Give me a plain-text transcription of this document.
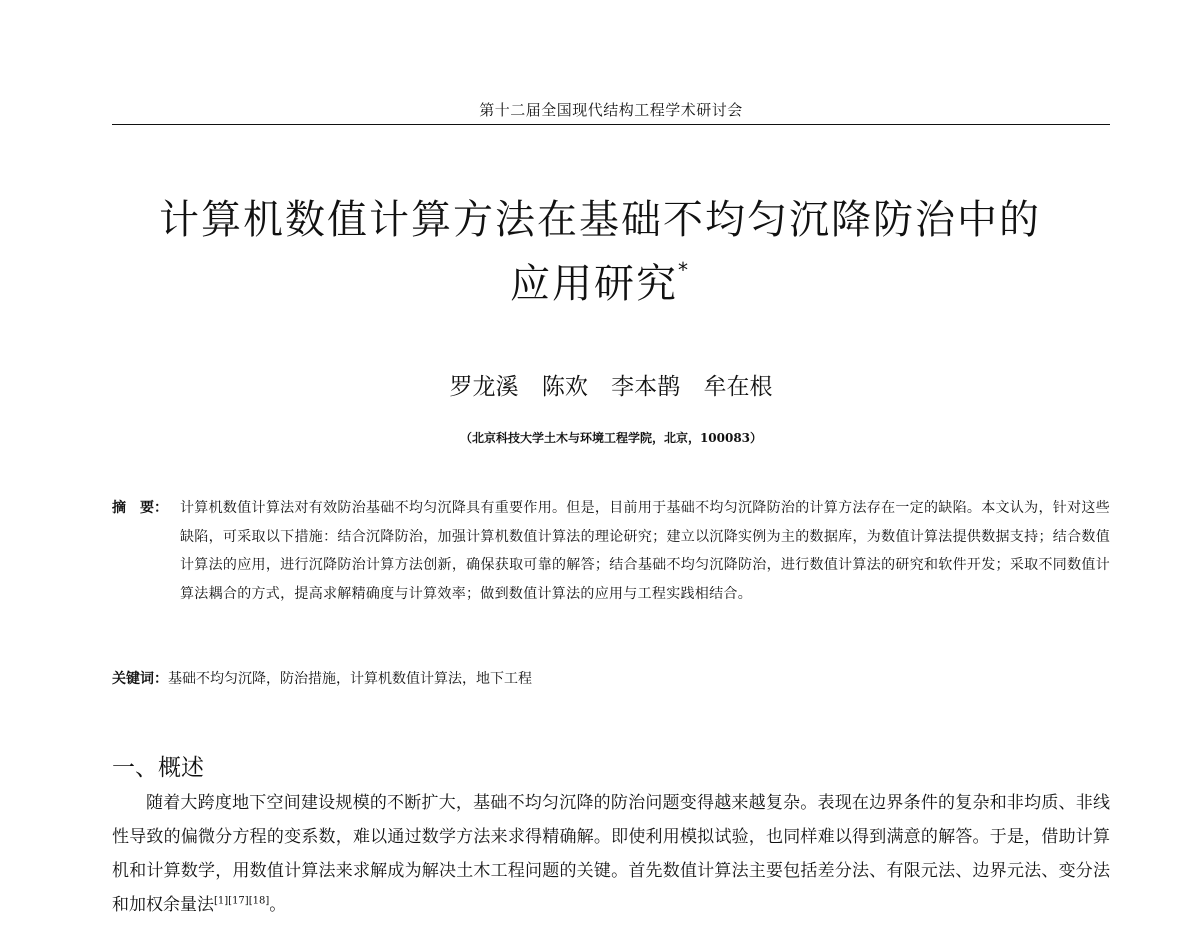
第十二届全国现代结构工程学术研讨会
计算机数值计算方法在基础不均匀沉降防治中的
应用研究*
罗龙溪 陈欢 李本鹊 牟在根
（北京科技大学土木与环境工程学院，北京，100083）
摘　要： 计算机数值计算法对有效防治基础不均匀沉降具有重要作用。但是，目前用于基础不均匀沉降防治的计算方法存在一定的缺陷。本文认为，针对这些缺陷，可采取以下措施：结合沉降防治，加强计算机数值计算法的理论研究；建立以沉降实例为主的数据库，为数值计算法提供数据支持；结合数值计算法的应用，进行沉降防治计算方法创新，确保获取可靠的解答；结合基础不均匀沉降防治，进行数值计算法的研究和软件开发；采取不同数值计算法耦合的方式，提高求解精确度与计算效率；做到数值计算法的应用与工程实践相结合。
关键词：基础不均匀沉降，防治措施，计算机数值计算法，地下工程
一、概述

随着大跨度地下空间建设规模的不断扩大，基础不均匀沉降的防治问题变得越来越复杂。表现在边界条件的复杂和非均质、非线性导致的偏微分方程的变系数，难以通过数学方法来求得精确解。即使利用模拟试验，也同样难以得到满意的解答。于是，借助计算机和计算数学，用数值计算法来求解成为解决土木工程问题的关键。首先数值计算法主要包括差分法、有限元法、边界元法、变分法和加权余量法[1][17][18]。
